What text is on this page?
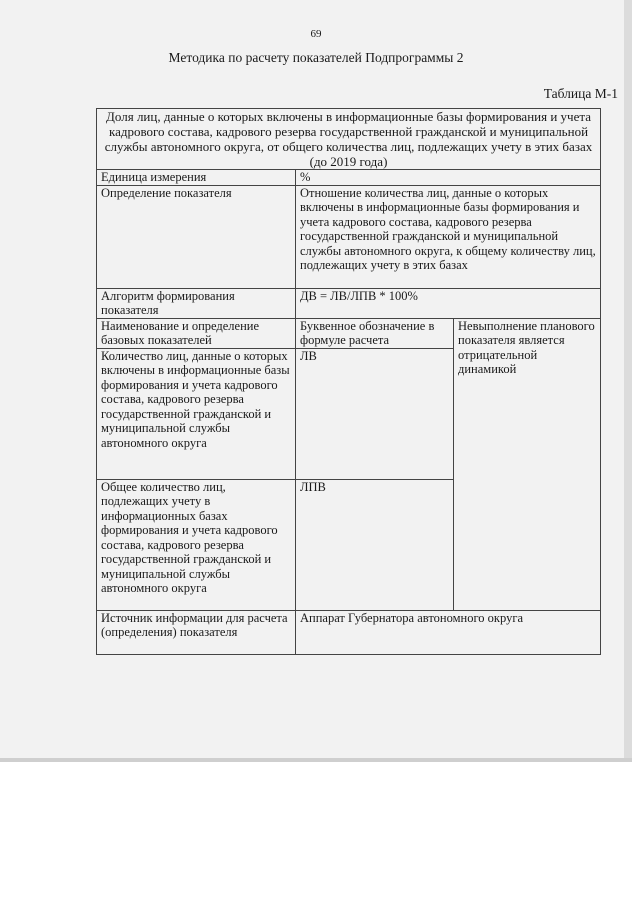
69
Методика по расчету показателей Подпрограммы 2
Таблица М-1
Доля лиц, данные о которых включены в информационные базы формирования и учета кадрового состава, кадрового резерва государственной гражданской и муниципальной службы автономного округа, от общего количества лиц, подлежащих учету в этих базах (до 2019 года)		
Единица измерения	%	
Определение показателя	Отношение количества лиц, данные о которых включены в информационные базы формирования и учета кадрового состава, кадрового резерва государственной гражданской и муниципальной службы автономного округа, к общему количеству лиц, подлежащих учету в этих базах	
Алгоритм формирования показателя	ДВ = ЛВ/ЛПВ * 100%	
Наименование и определение базовых показателей	Буквенное обозначение в формуле расчета	Невыполнение планового показателя является отрицательной динамикой
Количество лиц, данные о которых включены в информационные базы формирования и учета кадрового состава, кадрового резерва государственной гражданской и муниципальной службы автономного округа	ЛВ	
Общее количество лиц, подлежащих учету в информационных базах формирования и учета кадрового состава, кадрового резерва государственной гражданской и муниципальной службы автономного округа	ЛПВ	
Источник информации для расчета (определения) показателя	Аппарат Губернатора автономного округа	
